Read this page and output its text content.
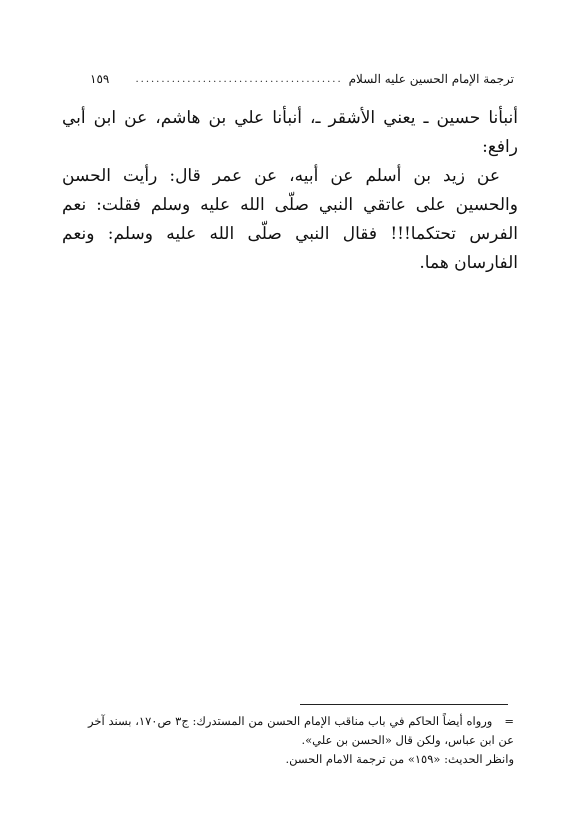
ترجمة الإمام الحسين عليه السلام
........................................
١٥٩

أنبأنا حسين ـ يعني الأشقر ـ، أنبأنا علي بن هاشم، عن ابن أبي رافع:

عن زيد بن أسلم عن أبيه، عن عمر قال: رأيت الحسن والحسين على عاتقي النبي صلّى الله عليه وسلم فقلت: نعم الفرس تحتكما!!! فقال النبي صلّى الله عليه وسلم: ونعم الفارسان هما.

=ورواه أيضاً الحاكم في باب مناقب الإمام الحسن من المستدرك: ج٣ ص١٧٠، بسند آخر عن ابن عباس، ولكن قال «الحسن بن علي».

وانظر الحديث: «١٥٩» من ترجمة الامام الحسن.
